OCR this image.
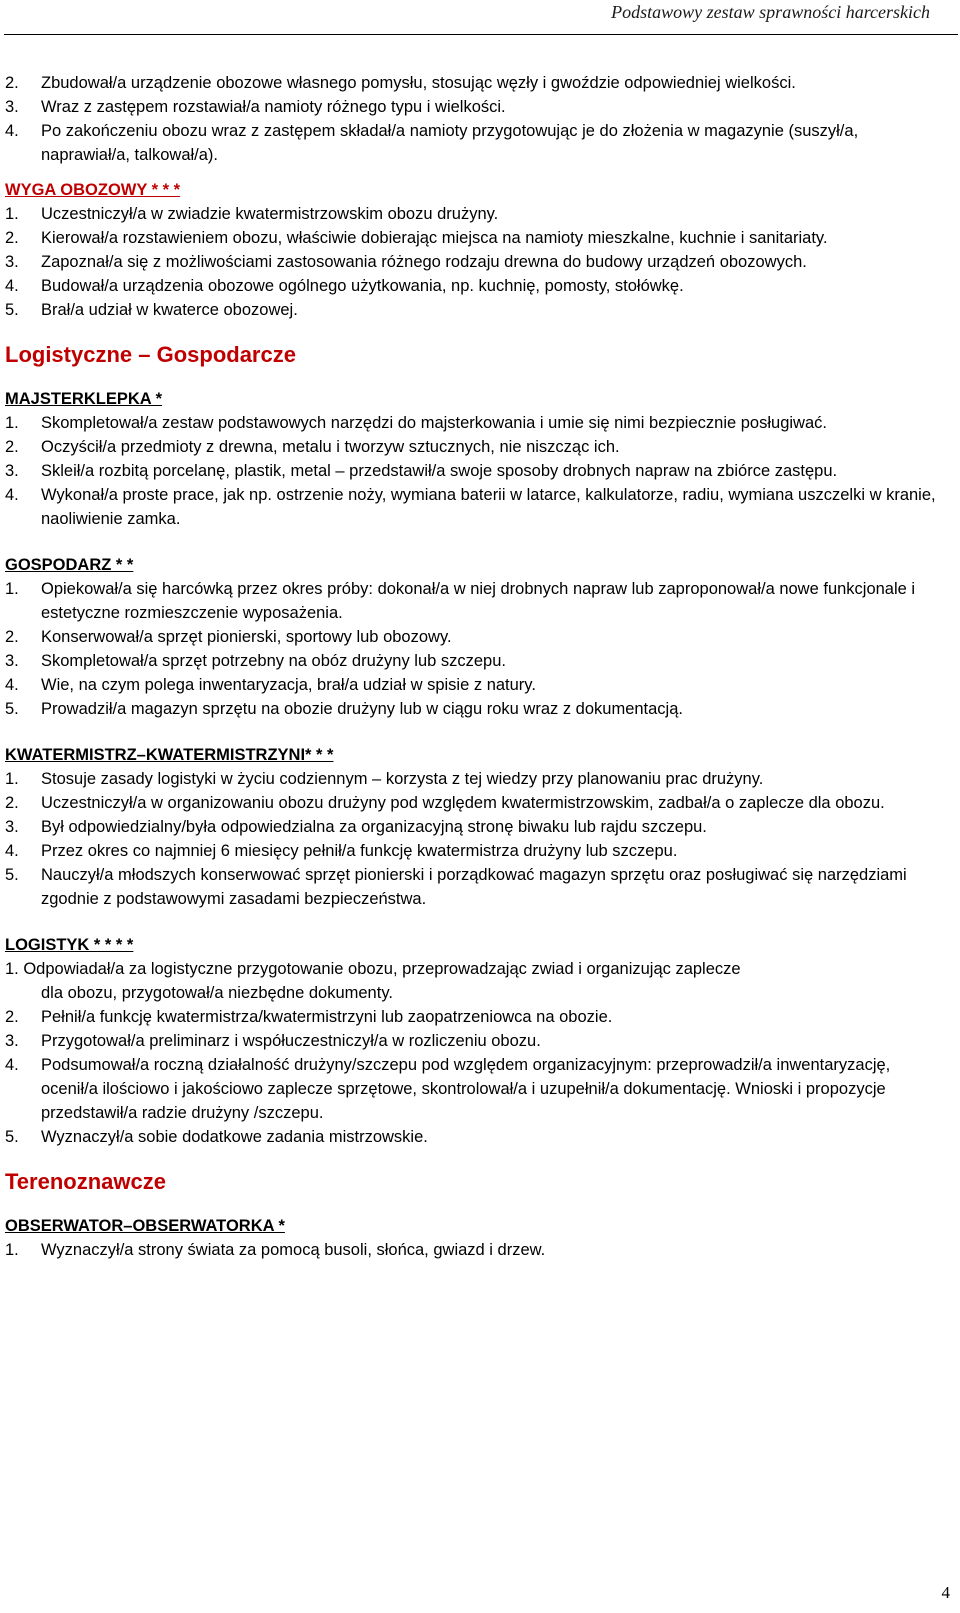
Podstawowy zestaw sprawności harcerskich
2. Zbudował/a urządzenie obozowe własnego pomysłu, stosując węzły i gwoździe odpowiedniej wielkości.
3. Wraz z zastępem rozstawiał/a namioty różnego typu i wielkości.
4. Po zakończeniu obozu wraz z zastępem składał/a namioty przygotowując je do złożenia w magazynie (suszył/a, naprawiał/a, talkował/a).
WYGA OBOZOWY * * *
1. Uczestniczył/a w zwiadzie kwatermistrzowskim obozu drużyny.
2. Kierował/a rozstawieniem obozu, właściwie dobierając miejsca na namioty mieszkalne, kuchnie i sanitariaty.
3. Zapoznał/a się z możliwościami zastosowania różnego rodzaju drewna do budowy urządzeń obozowych.
4. Budował/a urządzenia obozowe ogólnego użytkowania, np. kuchnię, pomosty, stołówkę.
5. Brał/a udział w kwaterce obozowej.
Logistyczne – Gospodarcze
MAJSTERKLEPKA *
1. Skompletował/a zestaw podstawowych narzędzi do majsterkowania i umie się nimi bezpiecznie posługiwać.
2. Oczyścił/a przedmioty z drewna, metalu i tworzyw sztucznych, nie niszcząc ich.
3. Skleił/a rozbitą porcelanę, plastik, metal – przedstawił/a swoje sposoby drobnych napraw na zbiórce zastępu.
4. Wykonał/a proste prace, jak np. ostrzenie noży, wymiana baterii w latarce, kalkulatorze, radiu, wymiana uszczelki w kranie, naoliwienie zamka.
GOSPODARZ * *
1. Opiekował/a się harcówką przez okres próby: dokonał/a w niej drobnych napraw lub zaproponował/a nowe funkcjonale i estetyczne rozmieszczenie wyposażenia.
2. Konserwował/a sprzęt pionierski, sportowy lub obozowy.
3. Skompletował/a sprzęt potrzebny na obóz drużyny lub szczepu.
4. Wie, na czym polega inwentaryzacja, brał/a udział w spisie z natury.
5. Prowadził/a magazyn sprzętu na obozie drużyny lub w ciągu roku wraz z dokumentacją.
KWATERMISTRZ–KWATERMISTRZYNI* * *
1. Stosuje zasady logistyki w życiu codziennym – korzysta z tej wiedzy przy planowaniu prac drużyny.
2. Uczestniczył/a w organizowaniu obozu drużyny pod względem kwatermistrzowskim, zadbał/a o zaplecze dla obozu.
3. Był odpowiedzialny/była odpowiedzialna za organizacyjną stronę biwaku lub rajdu szczepu.
4. Przez okres co najmniej 6 miesięcy pełnił/a funkcję kwatermistrza drużyny lub szczepu.
5. Nauczył/a młodszych konserwować sprzęt pionierski i porządkować magazyn sprzętu oraz posługiwać się narzędziami zgodnie z podstawowymi zasadami bezpieczeństwa.
LOGISTYK * * * *
1. Odpowiadał/a za logistyczne przygotowanie obozu, przeprowadzając zwiad i organizując zaplecze
dla obozu, przygotował/a niezbędne dokumenty.
2. Pełnił/a funkcję kwatermistrza/kwatermistrzyni lub zaopatrzeniowca na obozie.
3. Przygotował/a preliminarz i współuczestniczył/a w rozliczeniu obozu.
4. Podsumował/a roczną działalność drużyny/szczepu pod względem organizacyjnym: przeprowadził/a inwentaryzację, ocenił/a ilościowo i jakościowo zaplecze sprzętowe, skontrolował/a i uzupełnił/a dokumentację. Wnioski i propozycje przedstawił/a radzie drużyny /szczepu.
5. Wyznaczył/a sobie dodatkowe zadania mistrzowskie.
Terenoznawcze
OBSERWATOR–OBSERWATORKA *
1. Wyznaczył/a strony świata za pomocą busoli, słońca, gwiazd i drzew.
4
